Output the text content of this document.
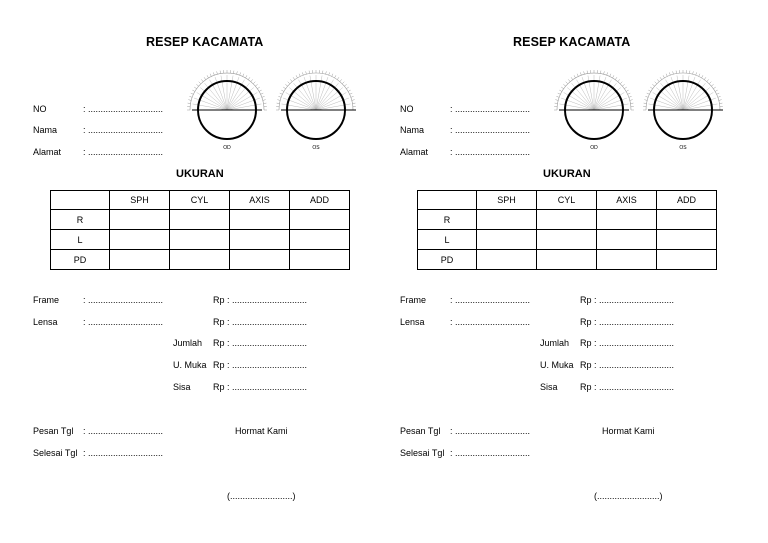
RESEP KACAMATA
NO	: ..............................
Nama	: ..............................
Alamat : ..............................	OD	OS
UKURAN
	SPH	CYL	AXIS	ADD
R				
L				
PD				
Frame	: ..............................	Rp : ..............................
Lensa	: ..............................	Rp : ..............................
Jumlah Rp : ..............................
U. Muka Rp : ..............................
Sisa Rp : ..............................
Pesan Tgl : ..............................	Hormat Kami
Selesai Tgl : ..............................
(.........................)
RESEP KACAMATA
NO	: ..............................
Nama	: ..............................
Alamat : ..............................	OD	OS
UKURAN
	SPH	CYL	AXIS	ADD
R				
L				
PD				
Frame	: ..............................	Rp : ..............................
Lensa	: ..............................	Rp : ..............................
Jumlah Rp : ..............................
U. Muka Rp : ..............................
Sisa Rp : ..............................
Pesan Tgl : ..............................	Hormat Kami
Selesai Tgl : ..............................
(.........................)
